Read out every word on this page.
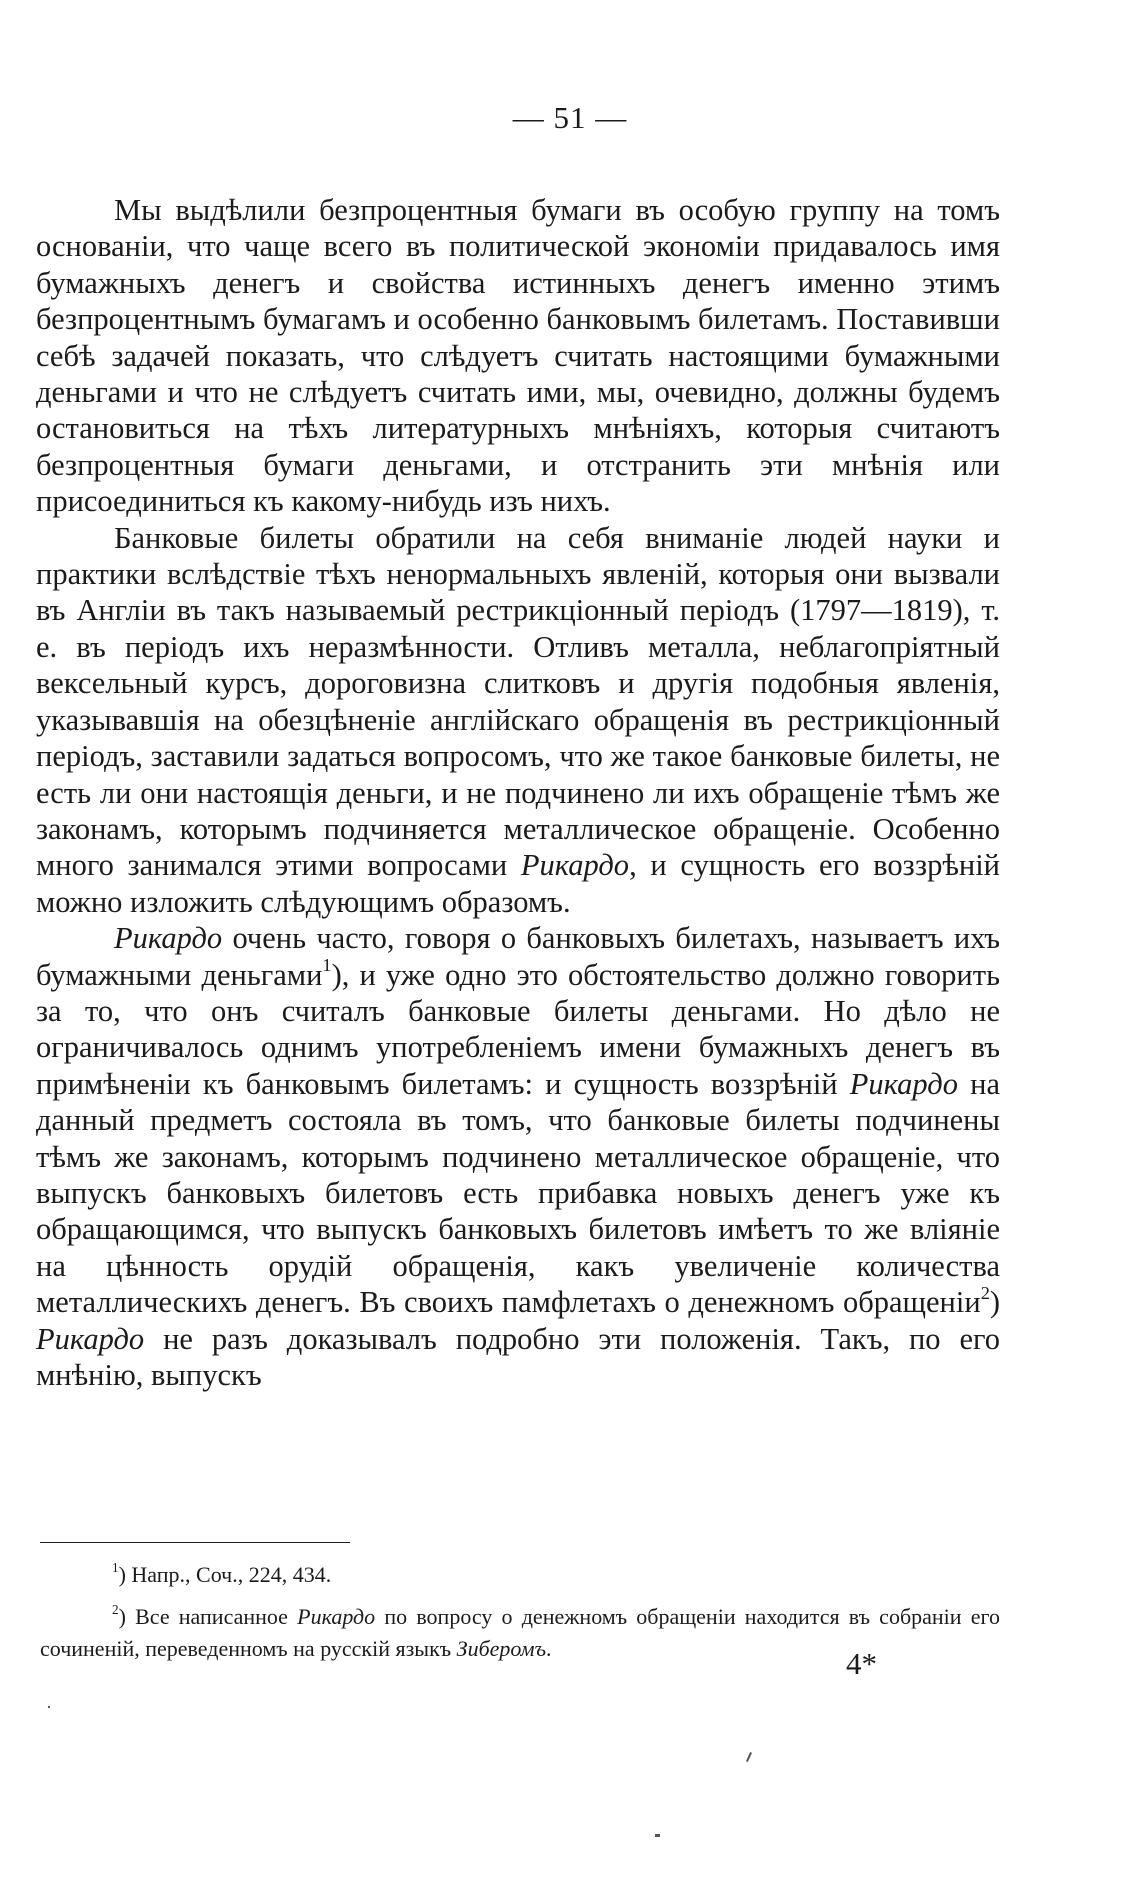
— 51 —

Мы выдѣлили безпроцентныя бумаги въ особую группу на томъ основаніи, что чаще всего въ политической экономіи придавалось имя бумажныхъ денегъ и свойства истинныхъ денегъ именно этимъ безпроцентнымъ бумагамъ и особенно банковымъ билетамъ. Поставивши себѣ задачей показать, что слѣдуетъ считать настоящими бумажными деньгами и что не слѣдуетъ считать ими, мы, очевидно, должны будемъ остановиться на тѣхъ литературныхъ мнѣніяхъ, которыя считаютъ безпроцентныя бумаги деньгами, и отстранить эти мнѣнія или присоединиться къ какому-нибудь изъ нихъ.

Банковые билеты обратили на себя вниманіе людей науки и практики вслѣдствіе тѣхъ ненормальныхъ явленій, которыя они вызвали въ Англіи въ такъ называемый рестрикціонный періодъ (1797—1819), т. е. въ періодъ ихъ неразмѣнности. Отливъ металла, неблагопріятный вексельный курсъ, дороговизна слитковъ и другія подобныя явленія, указывавшія на обезцѣненіе англійскаго обращенія въ рестрикціонный періодъ, заставили задаться вопросомъ, что же такое банковые билеты, не есть ли они настоящія деньги, и не подчинено ли ихъ обращеніе тѣмъ же законамъ, которымъ подчиняется металлическое обращеніе. Особенно много занимался этими вопросами Рикардо, и сущность его воззрѣній можно изложить слѣдующимъ образомъ.

Рикардо очень часто, говоря о банковыхъ билетахъ, называетъ ихъ бумажными деньгами$^1$), и уже одно это обстоятельство должно говорить за то, что онъ считалъ банковые билеты деньгами. Но дѣло не ограничивалось однимъ употребленіемъ имени бумажныхъ денегъ въ примѣненіи къ банковымъ билетамъ: и сущность воззрѣній Рикардо на данный предметъ состояла въ томъ, что банковые билеты подчинены тѣмъ же законамъ, которымъ подчинено металлическое обращеніе, что выпускъ банковыхъ билетовъ есть прибавка новыхъ денегъ уже къ обращающимся, что выпускъ банковыхъ билетовъ имѣетъ то же вліяніе на цѣнность орудій обращенія, какъ увеличеніе количества металлическихъ денегъ. Въ своихъ памфлетахъ о денежномъ обращеніи$^2$) Рикардо не разъ доказывалъ подробно эти положенія. Такъ, по его мнѣнію, выпускъ

$^1$) Напр., Соч., 224, 434.

$^2$) Все написанное Рикардо по вопросу о денежномъ обращеніи находится въ собраніи его сочиненій, переведенномъ на русскій языкъ Зиберомъ.	4*
